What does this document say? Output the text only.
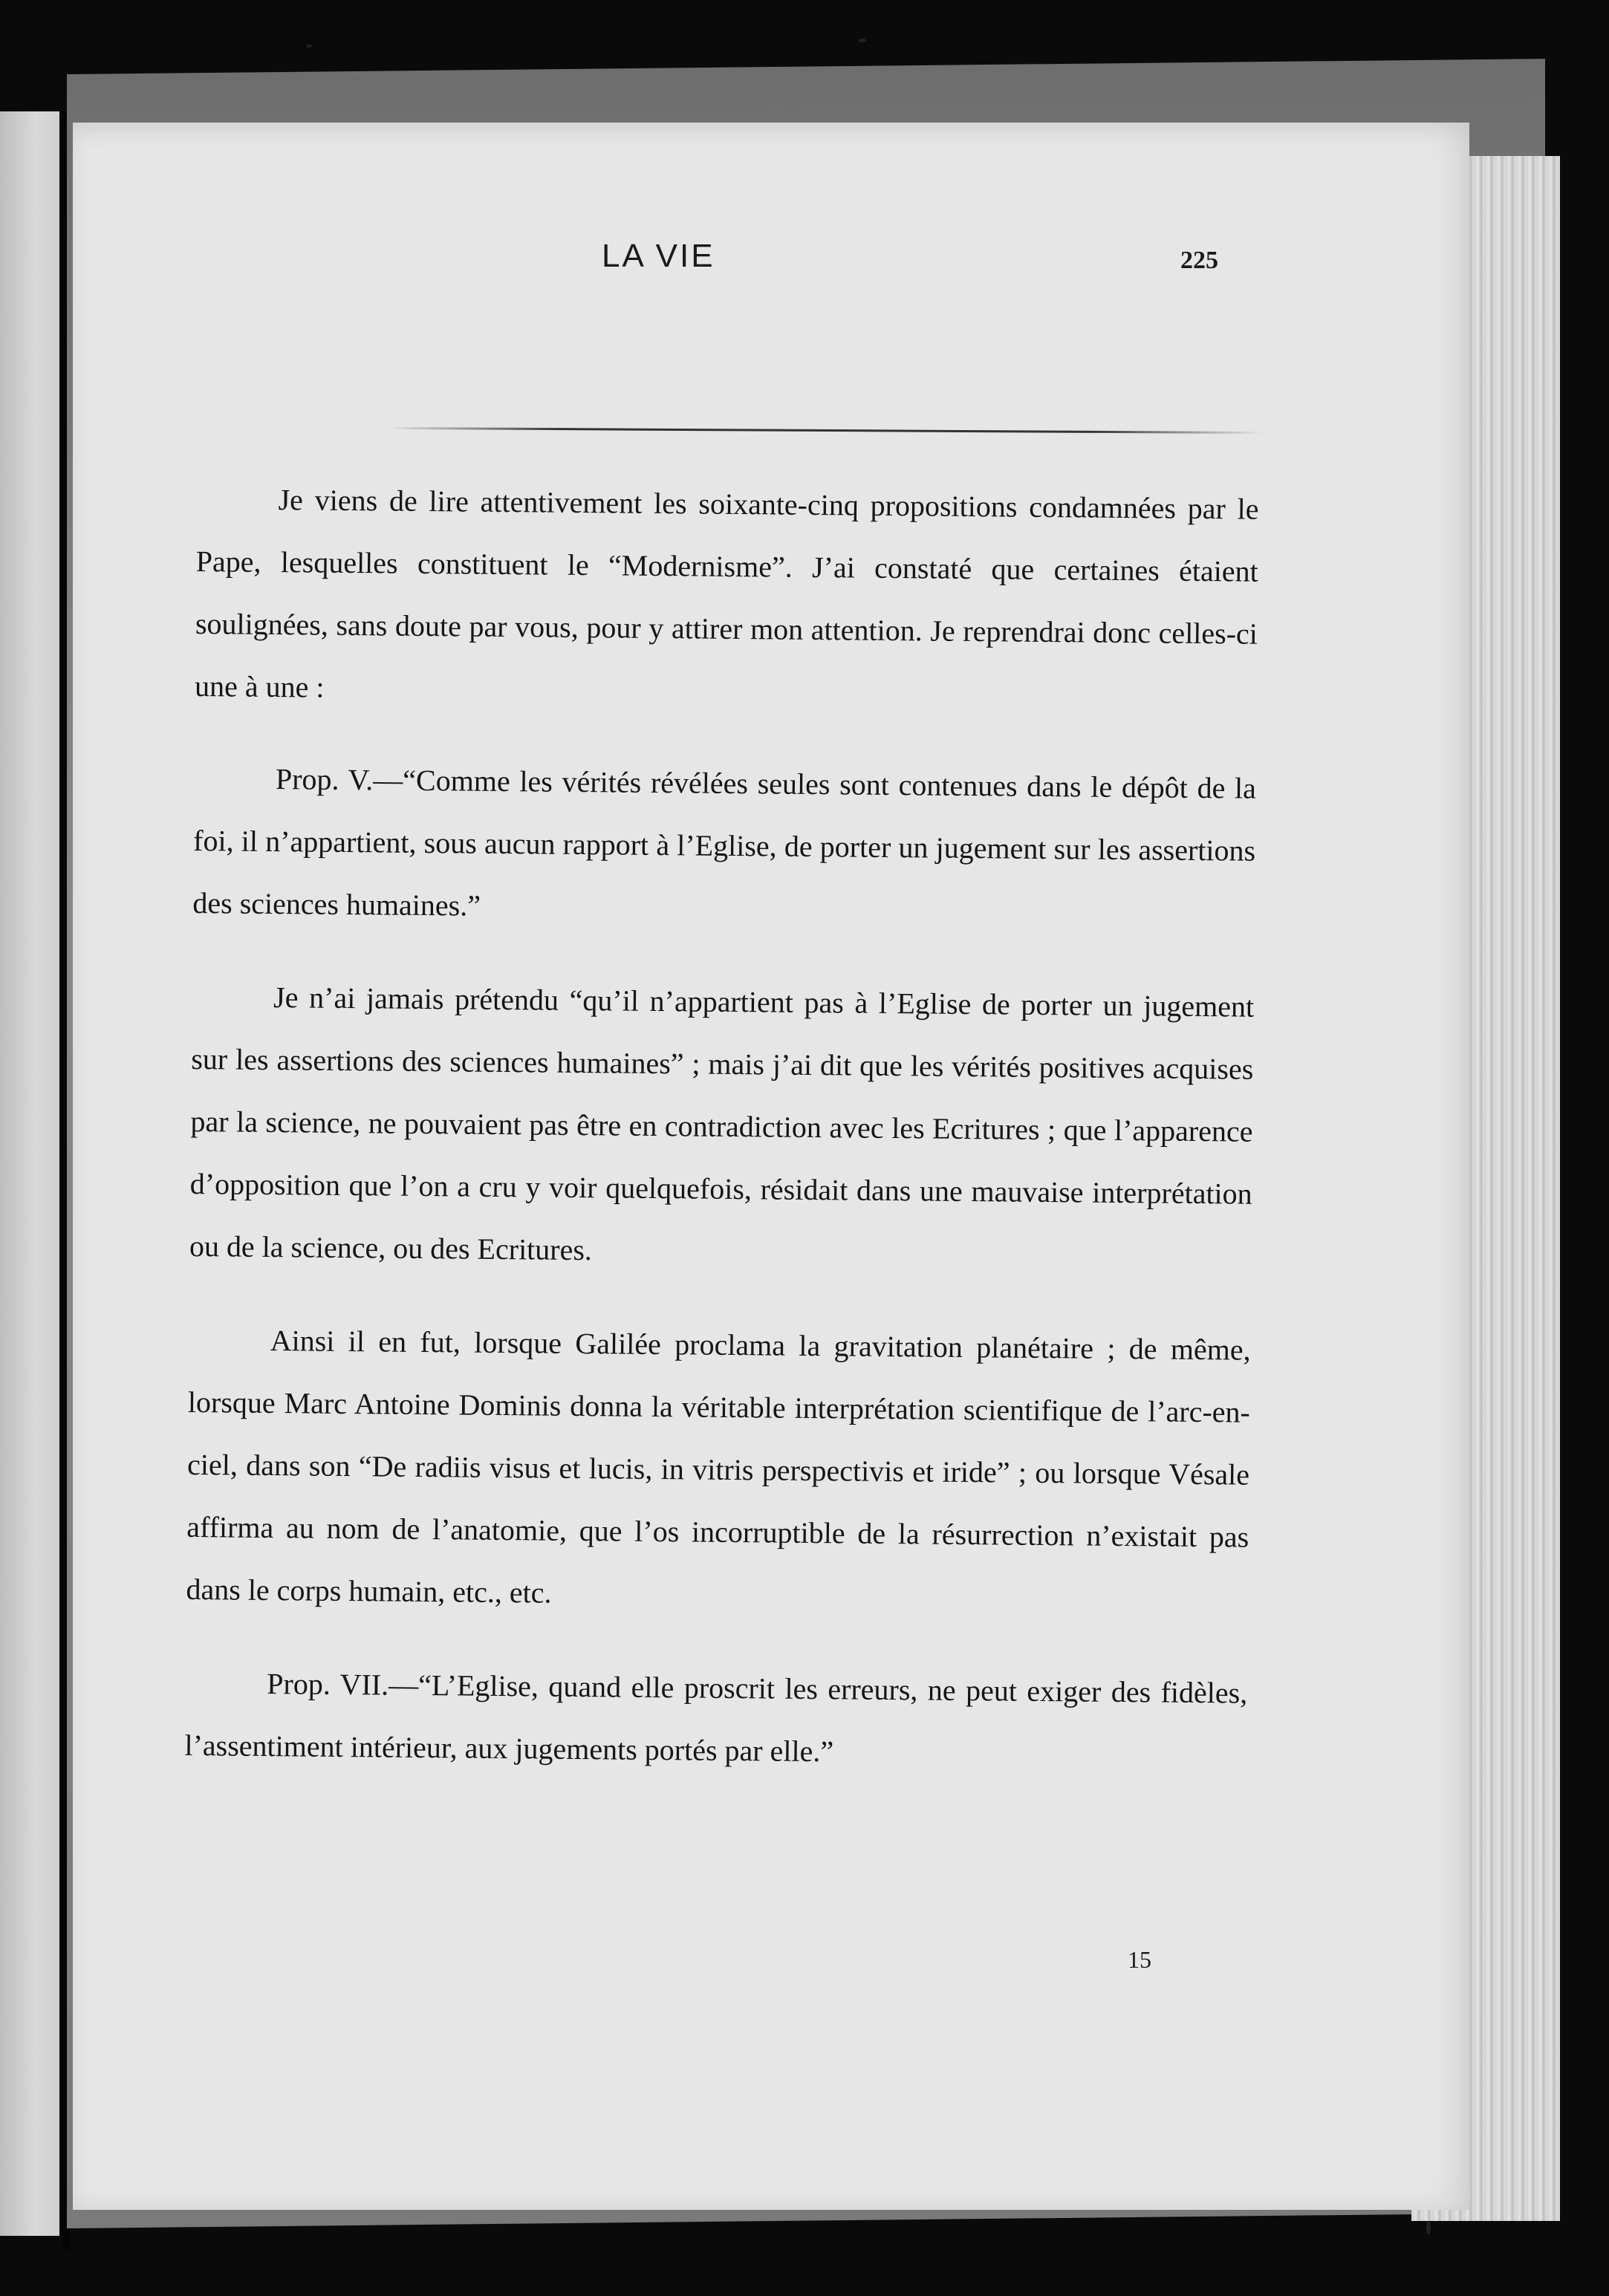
LA VIE	225

Je viens de lire attentivement les soixante-cinq propositions condamnées par le Pape, lesquelles constituent le “Modernisme”. J’ai constaté que certaines étaient soulignées, sans doute par vous, pour y attirer mon attention. Je reprendrai donc celles-ci une à une :

Prop. V.—“Comme les vérités révélées seules sont contenues dans le dépôt de la foi, il n’appartient, sous aucun rapport à l’Eglise, de porter un jugement sur les assertions des sciences humaines.”

Je n’ai jamais prétendu “qu’il n’appartient pas à l’Eglise de porter un jugement sur les assertions des sciences humaines” ; mais j’ai dit que les vérités positives acquises par la science, ne pouvaient pas être en contradiction avec les Ecritures ; que l’apparence d’opposition que l’on a cru y voir quelquefois, résidait dans une mauvaise interprétation ou de la science, ou des Ecritures.

Ainsi il en fut, lorsque Galilée proclama la gravitation planétaire ; de même, lorsque Marc Antoine Dominis donna la véritable interprétation scientifique de l’arc-en-ciel, dans son “De radiis visus et lucis, in vitris perspectivis et iride” ; ou lorsque Vésale affirma au nom de l’anatomie, que l’os incorruptible de la résurrection n’existait pas dans le corps humain, etc., etc.

Prop. VII.—“L’Eglise, quand elle proscrit les erreurs, ne peut exiger des fidèles, l’assentiment intérieur, aux jugements portés par elle.”

15
